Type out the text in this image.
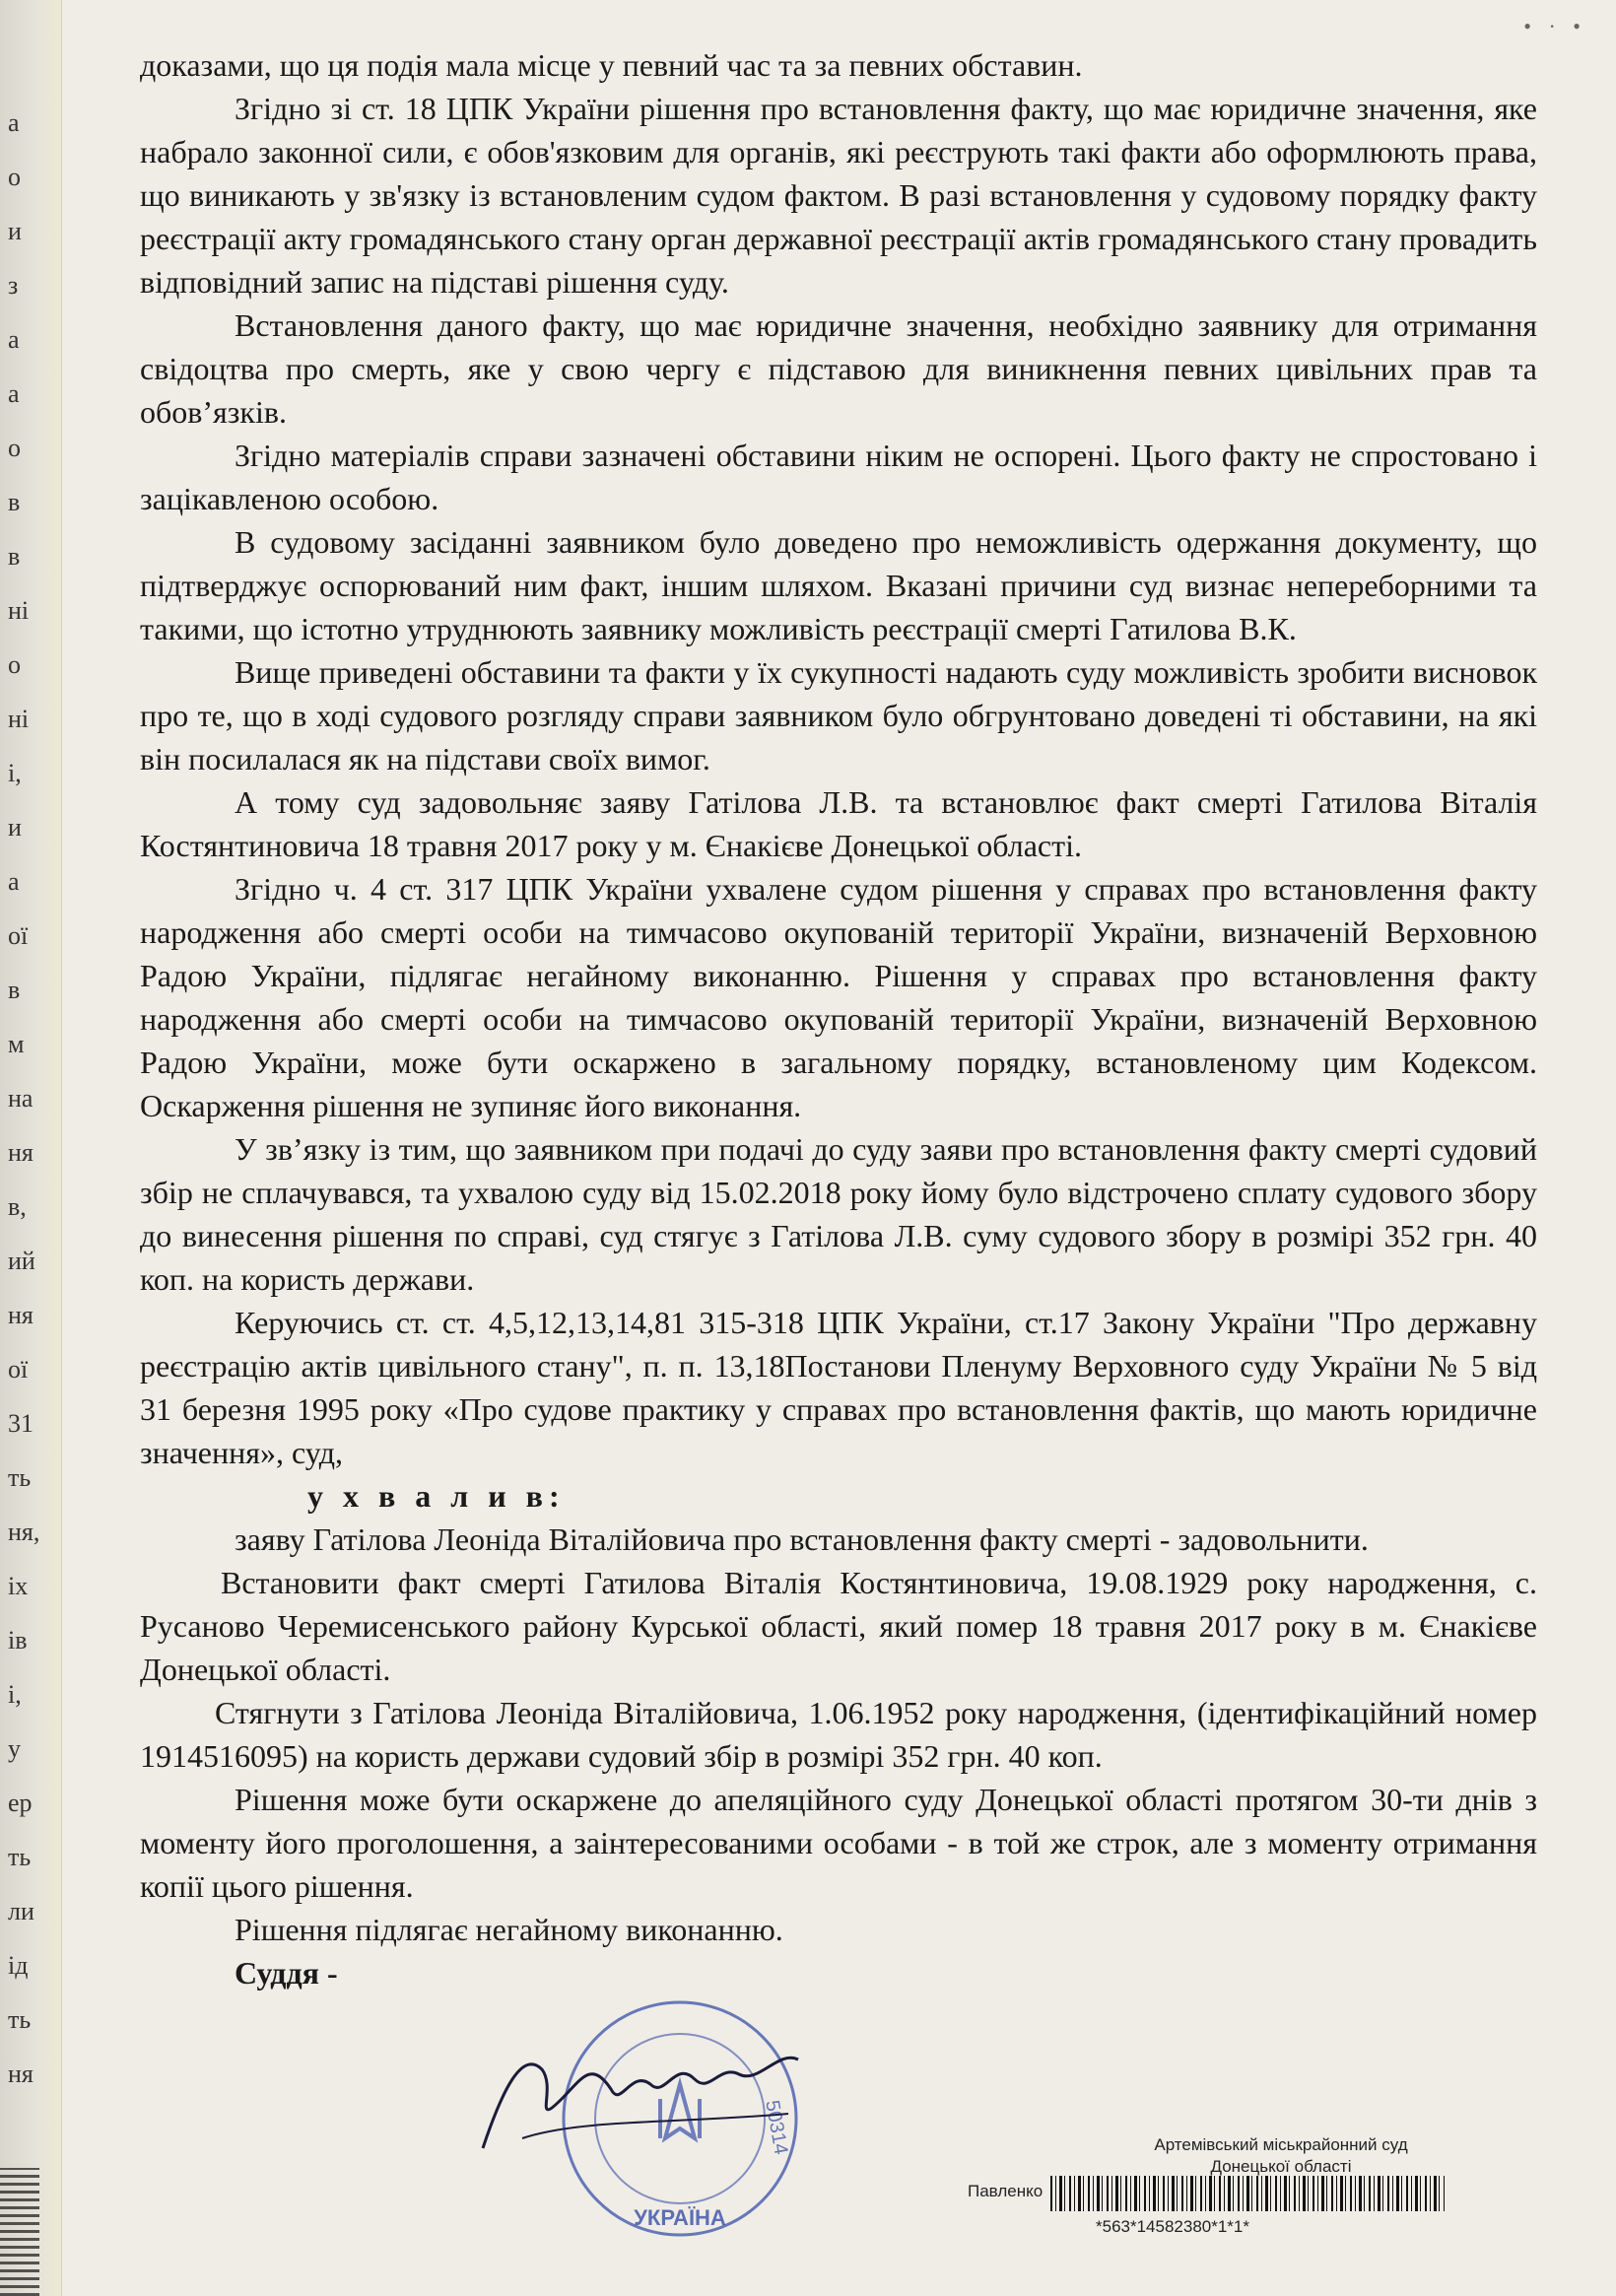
а
о
и
з
а
а
о
в
в
ні
о
ні
і,
и
а
ої
в
м
на
ня
в,
ий
ня
ої
31
ть
ня,
іх
ів
і,
у
ер
ть
ли
ід
ть
ня
• · •

доказами, що ця подія мала місце у певний час та за певних обставин.

Згідно зі ст. 18 ЦПК України рішення про встановлення факту, що має юридичне значення, яке набрало законної сили, є обов'язковим для органів, які реєструють такі факти або оформлюють права, що виникають у зв'язку із встановленим судом фактом. В разі встановлення у судовому порядку факту реєстрації акту громадянського стану орган державної реєстрації актів громадянського стану провадить відповідний запис на підставі рішення суду.

Встановлення даного факту, що має юридичне значення, необхідно заявнику для отримання свідоцтва про смерть, яке у свою чергу є підставою для виникнення певних цивільних прав та обов’язків.

Згідно матеріалів справи зазначені обставини ніким не оспорені. Цього факту не спростовано і зацікавленою особою.

В судовому засіданні заявником було доведено про неможливість одержання документу, що підтверджує оспорюваний ним факт, іншим шляхом. Вказані причини суд визнає непереборними та такими, що істотно утруднюють заявнику можливість реєстрації смерті Гатилова В.К.

Вище приведені обставини та факти у їх сукупності надають суду можливість зробити висновок про те, що в ході судового розгляду справи заявником було обгрунтовано доведені ті обставини, на які він посилалася як на підстави своїх вимог.

А тому суд задовольняє заяву Гатілова Л.В. та встановлює факт смерті Гатилова Віталія Костянтиновича 18 травня 2017 року у м. Єнакієве Донецької області.

Згідно ч. 4 ст. 317 ЦПК України ухвалене судом рішення у справах про встановлення факту народження або смерті особи на тимчасово окупованій території України, визначеній Верховною Радою України, підлягає негайному виконанню. Рішення у справах про встановлення факту народження або смерті особи на тимчасово окупованій території України, визначеній Верховною Радою України, може бути оскаржено в загальному порядку, встановленому цим Кодексом. Оскарження рішення не зупиняє його виконання.

У зв’язку із тим, що заявником при подачі до суду заяви про встановлення факту смерті судовий збір не сплачувався, та ухвалою суду від 15.02.2018 року йому було відстрочено сплату судового збору до винесення рішення по справі, суд стягує з Гатілова Л.В. суму судового збору в розмірі 352 грн. 40 коп. на користь держави.

Керуючись ст. ст. 4,5,12,13,14,81 315-318 ЦПК України, ст.17 Закону України "Про державну реєстрацію актів цивільного стану", п. п. 13,18Постанови Пленуму Верховного суду України № 5 від 31 березня 1995 року «Про судове практику у справах про встановлення фактів, що мають юридичне значення», суд,

у х в а л и в:

заяву Гатілова Леоніда Віталійовича про встановлення факту смерті - задовольнити.

Встановити факт смерті Гатилова Віталія Костянтиновича, 19.08.1929 року народження, с. Русаново Черемисенського району Курської області, який помер 18 травня 2017 року в м. Єнакієве Донецької області.

Стягнути з Гатілова Леоніда Віталійовича, 1.06.1952 року народження, (ідентифікаційний номер 1914516095) на користь держави судовий збір в розмірі 352 грн. 40 коп.

Рішення може бути оскаржене до апеляційного суду Донецької області протягом 30-ти днів з моменту його проголошення, а заінтересованими особами - в той же строк, але з моменту отримання копії цього рішення.

Рішення підлягає негайному виконанню.

Суддя -

УКРАЇНА
50314	Артемівський міськрайонний суд
Донецької області
Павленко
*563*14582380*1*1*
